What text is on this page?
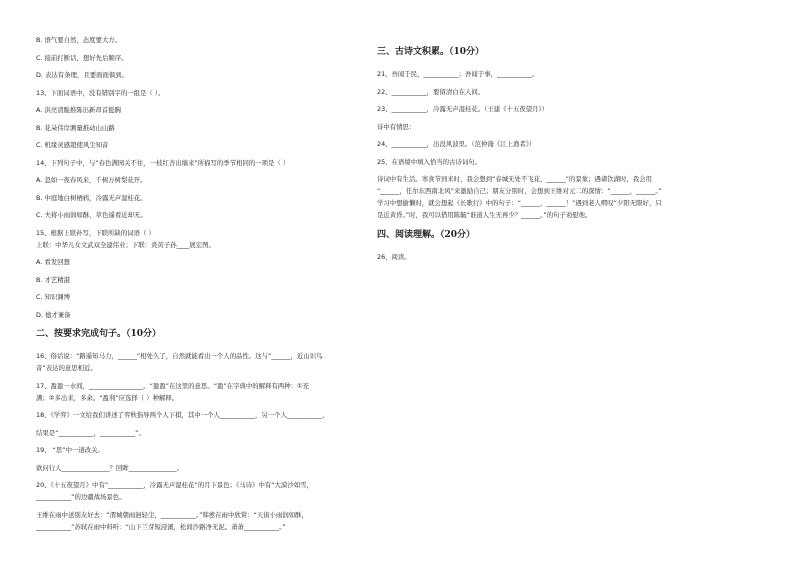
B. 语气要自然，态度要大方。
C. 接前打断话，想好先后顺序。
D. 表达有条理，且要面面俱到。
13、下面词语中，没有错别字的一组是（ ）。
A. 洪亮清脆推陈出新昂首挺胸
B. 花朵伟岸测量推动山山路
C. 机缘灵感超使风尘知音
14、下列句子中，与“春色满园关不住，一枝红杏出墙来”所描写的季节相同的一项是（ ）
A. 忽如一夜春风来，千树万树梨花开。
B. 中庭地白树栖鸦，冷露无声湿桂花。
C. 夫将小雨润如酥，草色遥看近却无。
15、根据上联补写，下联所缺的词语（ ）
上联：中华儿女文武双全建伟业；下联：炎黄子孙____展宏图。
A. 看发回想
B. 才艺精湛
C. 知识渊博
D. 德才兼备
二、按要求完成句子。（10分）
16、俗话说：“路遥知马力，______”相处久了，自然就能看出一个人的品性。这与“______，近山识鸟
音”表达的意思相近。
17、盈盈一水间，_________________。“盈盈”在这里的意思。“盈”在字典中的解释有两种：①充
满；②多出来，多余。“盈利”应选择（ ）种解释。
18、《学弈》一文给我们讲述了弈秋指导两个人下棋，其中一个人___________，另一个人___________，
结果是“___________，___________”。
19、 “思”中一道改关。
欲问行人_______________？回眸_______________。
20、《十五夜望月》中有“___________，冷露无声湿桂花”的月下景色；《马诗》中有“大漠沙如雪，
___________”的边疆战场景色。
王维在雨中送别友好去：“渭城朝雨浥轻尘，___________。”韩愈在雨中欣赏：“天街小雨润如酥，
___________”苏轼在雨中料听：“山下兰芽短浸溪，松间沙路净无泥。萧萧___________。”
三、古诗文积累。（10分）
21、吾闻于民，___________；吾闻于事，___________。
22、___________，要留清白在人间。
23、___________，冷露无声湿桂花。（王建《十五夜望月》）
诗中有情思：
24、___________，出没风波里。（范仲淹《江上渔者》）
25、在语境中填入恰当的古诗词句。
诗词中有生活。寒食节到来时，我会想到“春城无处不飞花，______”的景象；遇诸饮湖时，我会用
“______，任尔东西南北风”来激励自己；朋友分别时，会想到王维对元二的深情：“______，______。”
学习中想偷懒时，就会想起《长歌行》中的句子：“______，______！”遇到老人喟叹“夕阳无限好，只
是近黄昏。”时，我可以借用陈毓“谁道人生无再少？______。”的句子劝慰他。
四、阅读理解。（20分）
26、阅读。
